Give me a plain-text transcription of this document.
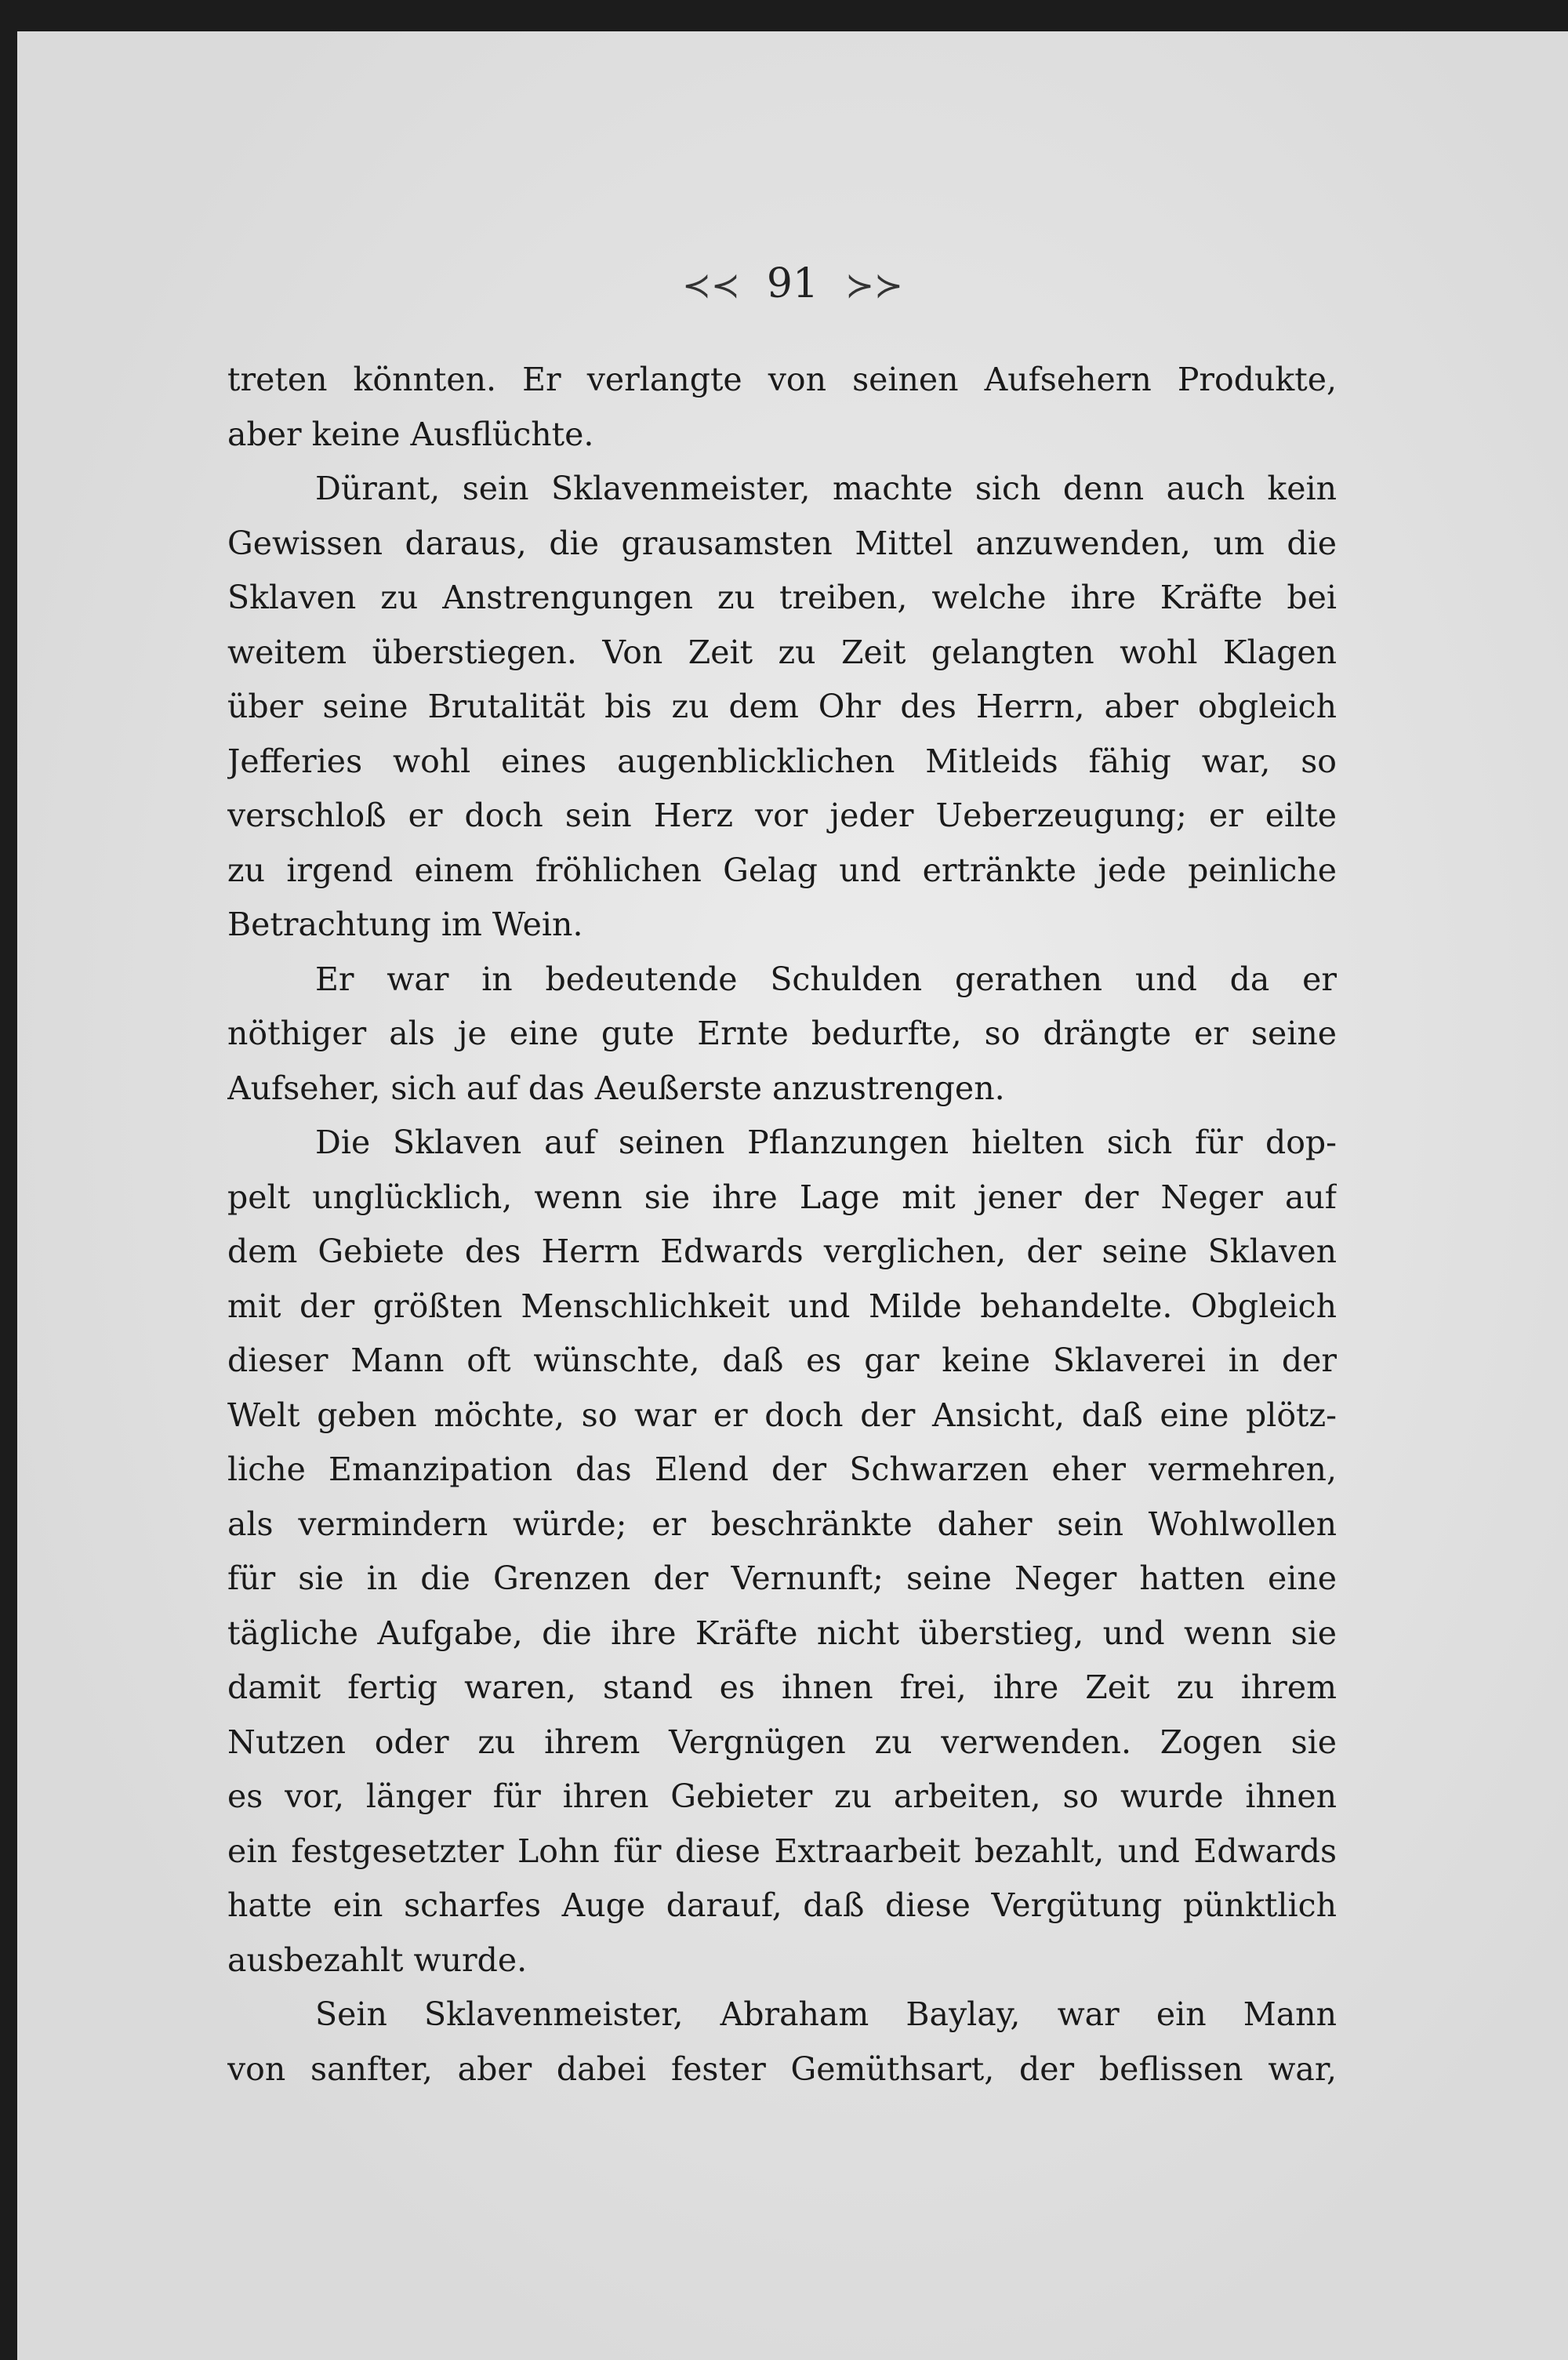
≺≺ 91 ≻≻
treten könnten. Er verlangte von seinen Aufsehern Produkte,
aber keine Ausflüchte.
Dürant, sein Sklavenmeister, machte sich denn auch kein
Gewissen daraus, die grausamsten Mittel anzuwenden, um die
Sklaven zu Anstrengungen zu treiben, welche ihre Kräfte bei
weitem überstiegen. Von Zeit zu Zeit gelangten wohl Klagen
über seine Brutalität bis zu dem Ohr des Herrn, aber obgleich
Jefferies wohl eines augenblicklichen Mitleids fähig war, so
verschloß er doch sein Herz vor jeder Ueberzeugung; er eilte
zu irgend einem fröhlichen Gelag und ertränkte jede peinliche
Betrachtung im Wein.
Er war in bedeutende Schulden gerathen und da er
nöthiger als je eine gute Ernte bedurfte, so drängte er seine
Aufseher, sich auf das Aeußerste anzustrengen.
Die Sklaven auf seinen Pflanzungen hielten sich für dop-
pelt unglücklich, wenn sie ihre Lage mit jener der Neger auf
dem Gebiete des Herrn Edwards verglichen, der seine Sklaven
mit der größten Menschlichkeit und Milde behandelte. Obgleich
dieser Mann oft wünschte, daß es gar keine Sklaverei in der
Welt geben möchte, so war er doch der Ansicht, daß eine plötz-
liche Emanzipation das Elend der Schwarzen eher vermehren,
als vermindern würde; er beschränkte daher sein Wohlwollen
für sie in die Grenzen der Vernunft; seine Neger hatten eine
tägliche Aufgabe, die ihre Kräfte nicht überstieg, und wenn sie
damit fertig waren, stand es ihnen frei, ihre Zeit zu ihrem
Nutzen oder zu ihrem Vergnügen zu verwenden. Zogen sie
es vor, länger für ihren Gebieter zu arbeiten, so wurde ihnen
ein festgesetzter Lohn für diese Extraarbeit bezahlt, und Edwards
hatte ein scharfes Auge darauf, daß diese Vergütung pünktlich
ausbezahlt wurde.
Sein Sklavenmeister, Abraham Baylay, war ein Mann
von sanfter, aber dabei fester Gemüthsart, der beflissen war,
